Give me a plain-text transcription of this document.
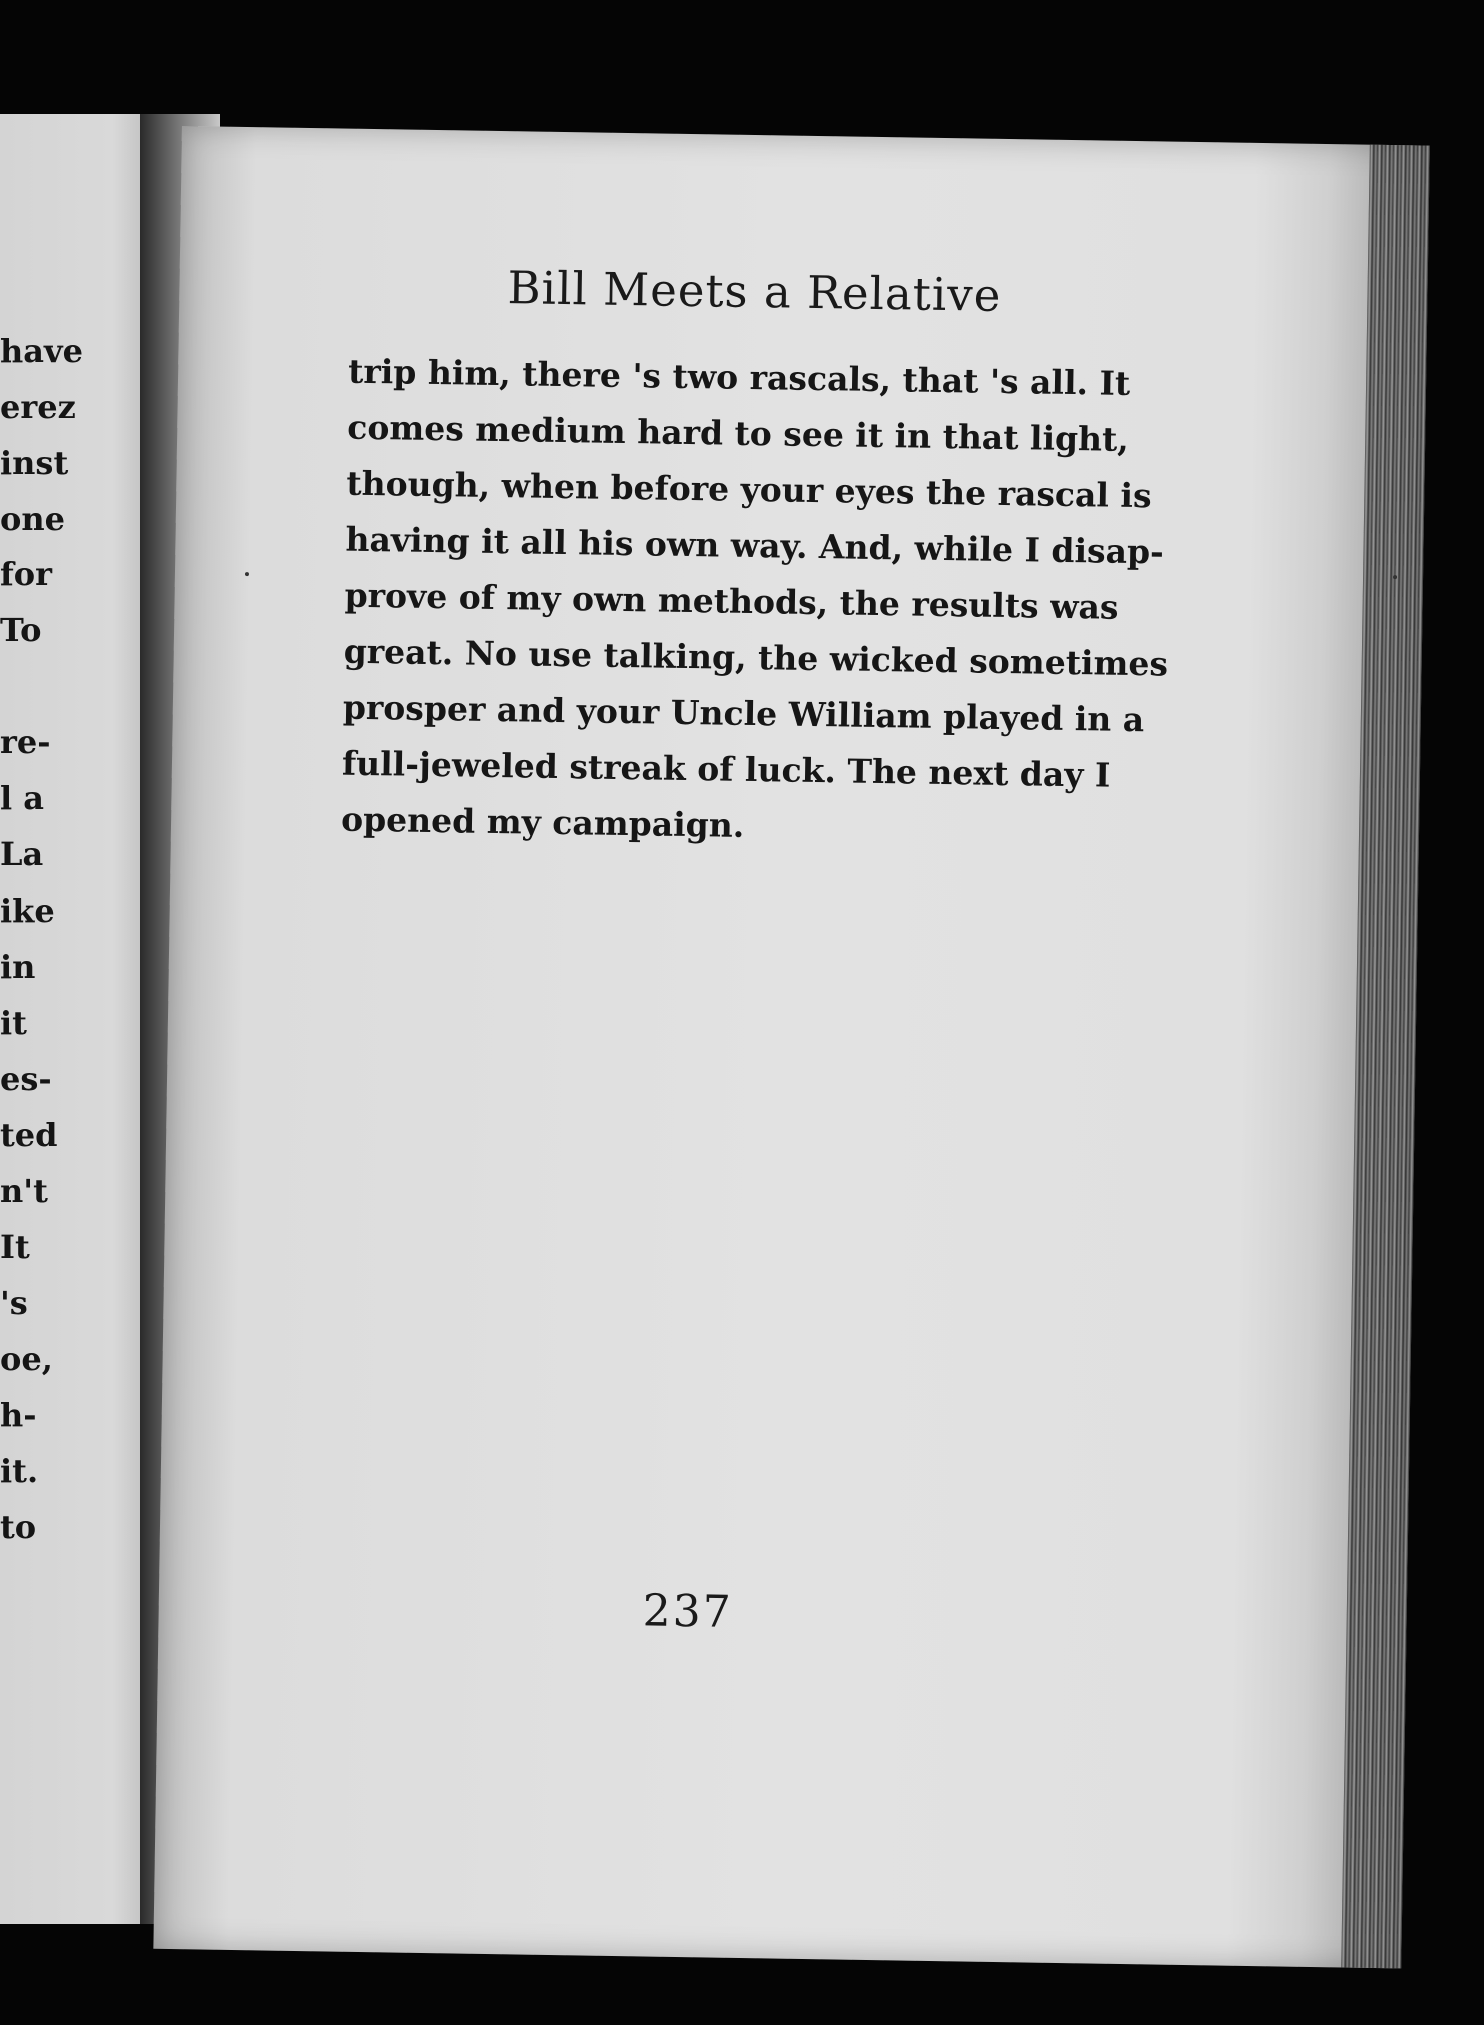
have
erez
inst
one
for
To
re-
l a
La
ike
in
it
es-
ted
n't
It
's
oe,
h-
it.
to
Bill Meets a Relative
trip him, there 's two rascals, that 's all. It
comes medium hard to see it in that light,
though, when before your eyes the rascal is
having it all his own way. And, while I disap-
prove of my own methods, the results was
great. No use talking, the wicked sometimes
prosper and your Uncle William played in a
full-jeweled streak of luck. The next day I
opened my campaign.
237
